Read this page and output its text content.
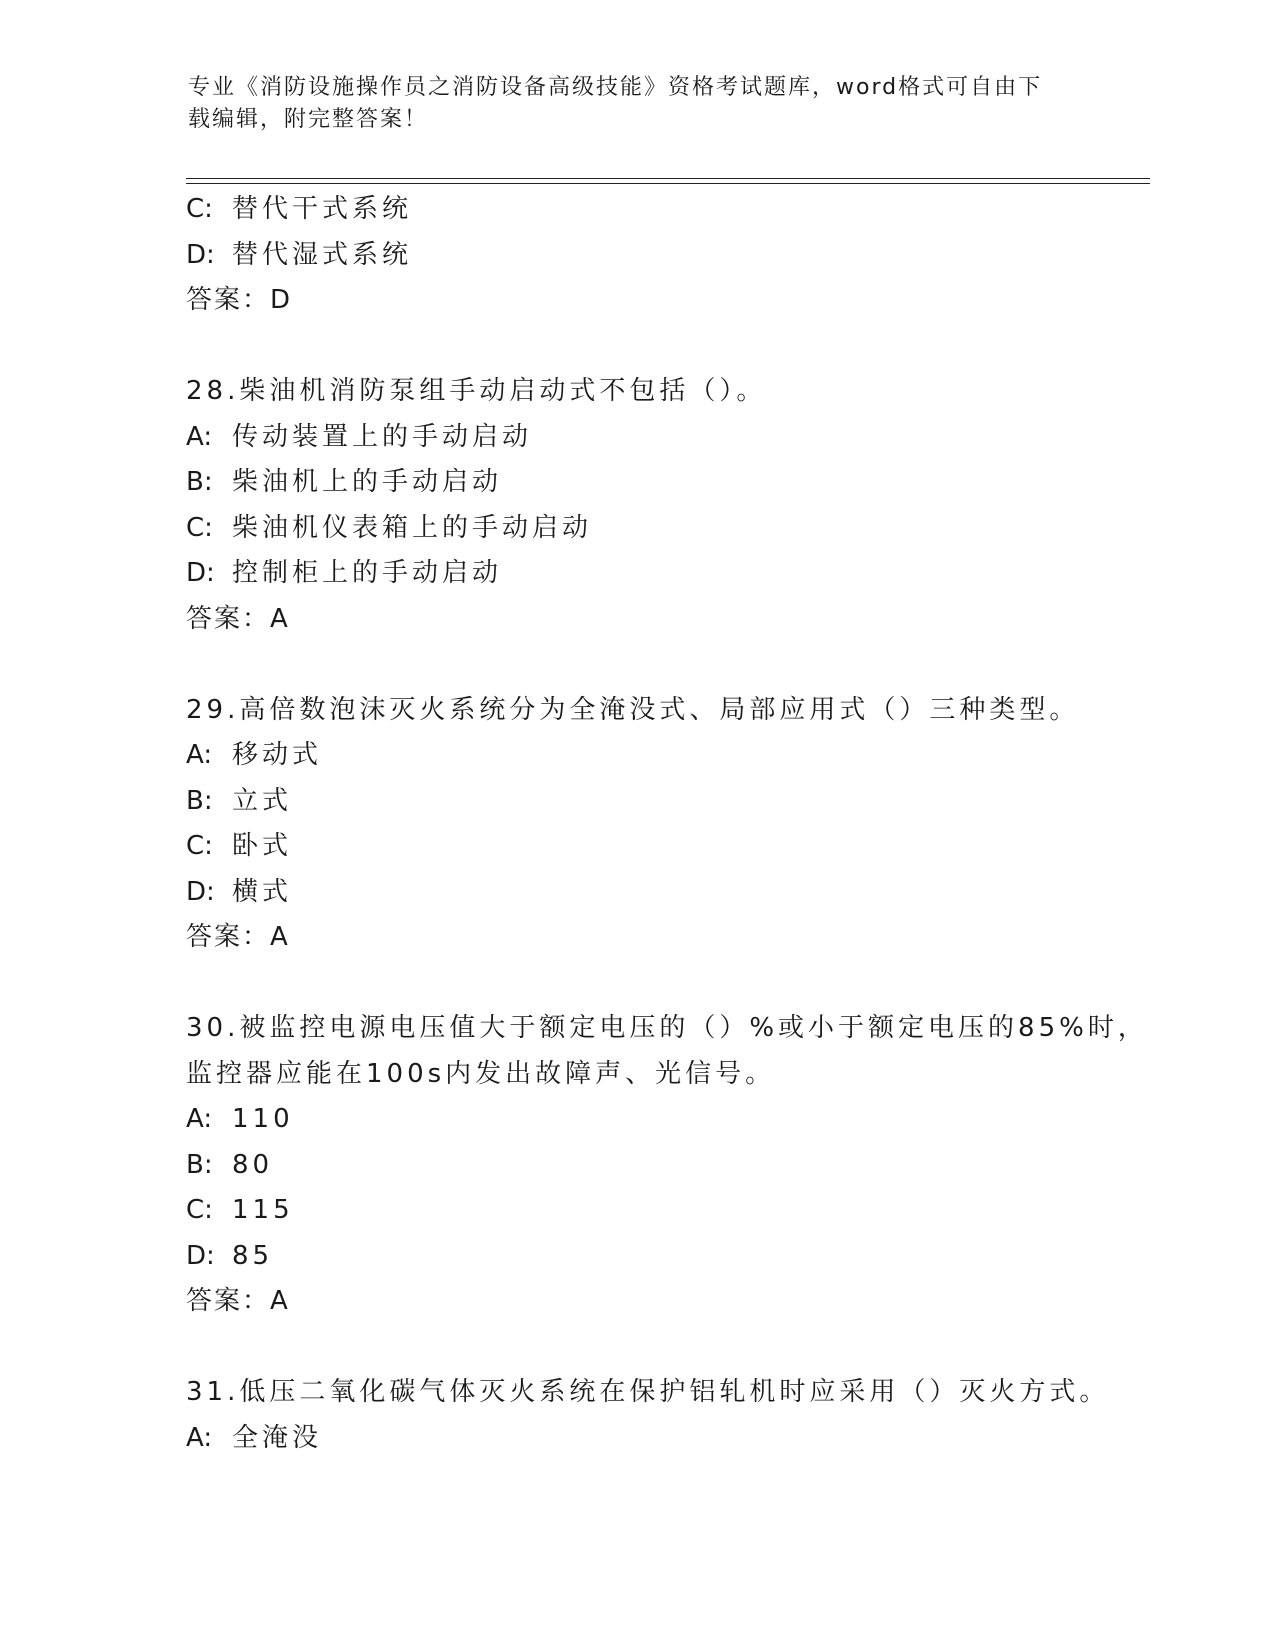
专业《消防设施操作员之消防设备高级技能》资格考试题库，word格式可自由下
载编辑，附完整答案！
C: 替代干式系统
D: 替代湿式系统
答案：D
28.柴油机消防泵组手动启动式不包括（）。
A: 传动装置上的手动启动
B: 柴油机上的手动启动
C: 柴油机仪表箱上的手动启动
D: 控制柜上的手动启动
答案：A
29.高倍数泡沫灭火系统分为全淹没式、局部应用式（）三种类型。
A: 移动式
B: 立式
C: 卧式
D: 横式
答案：A
30.被监控电源电压值大于额定电压的（）%或小于额定电压的85%时，
监控器应能在100s内发出故障声、光信号。
A: 110
B: 80
C: 115
D: 85
答案：A
31.低压二氧化碳气体灭火系统在保护铝轧机时应采用（）灭火方式。
A: 全淹没
